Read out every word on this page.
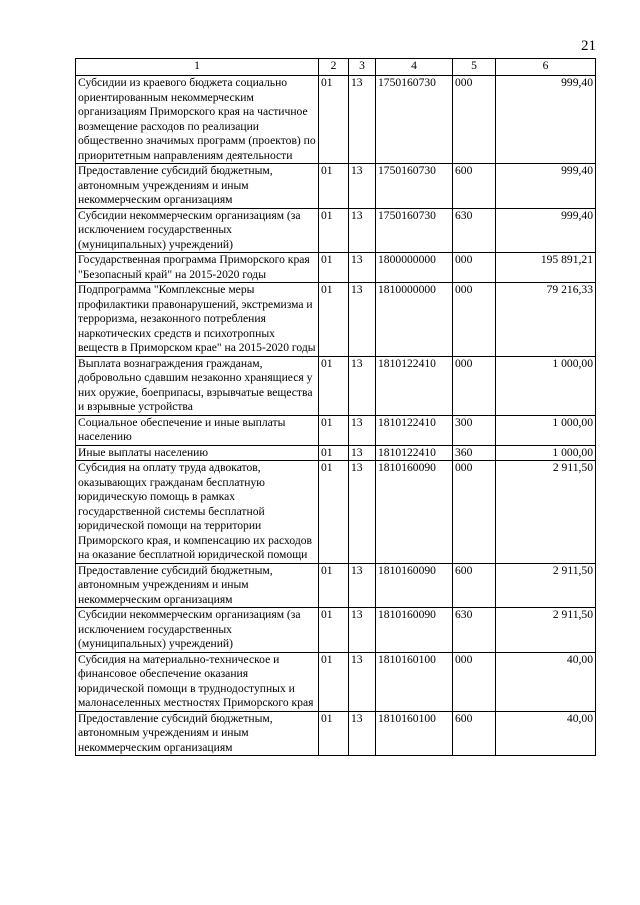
21
1	2	3	4	5	6
Субсидии из краевого бюджета социально ориентированным некоммерческим организациям Приморского края на частичное возмещение расходов по реализации общественно значимых программ (проектов) по приоритетным направлениям деятельности	01	13	1750160730	000	999,40
Предоставление субсидий бюджетным, автономным учреждениям и иным некоммерческим организациям	01	13	1750160730	600	999,40
Субсидии некоммерческим организациям (за исключением государственных (муниципальных) учреждений)	01	13	1750160730	630	999,40
Государственная программа Приморского края "Безопасный край" на 2015-2020 годы	01	13	1800000000	000	195 891,21
Подпрограмма "Комплексные меры профилактики правонарушений, экстремизма и терроризма, незаконного потребления наркотических средств и психотропных веществ в Приморском крае" на 2015-2020 годы	01	13	1810000000	000	79 216,33
Выплата вознаграждения гражданам, добровольно сдавшим незаконно хранящиеся у них оружие, боеприпасы, взрывчатые вещества и взрывные устройства	01	13	1810122410	000	1 000,00
Социальное обеспечение и иные выплаты населению	01	13	1810122410	300	1 000,00
Иные выплаты населению	01	13	1810122410	360	1 000,00
Субсидия на оплату труда адвокатов, оказывающих гражданам бесплатную юридическую помощь в рамках государственной системы бесплатной юридической помощи на территории Приморского края, и компенсацию их расходов на оказание бесплатной юридической помощи	01	13	1810160090	000	2 911,50
Предоставление субсидий бюджетным, автономным учреждениям и иным некоммерческим организациям	01	13	1810160090	600	2 911,50
Субсидии некоммерческим организациям (за исключением государственных (муниципальных) учреждений)	01	13	1810160090	630	2 911,50
Субсидия на материально-техническое и финансовое обеспечение оказания юридической помощи в труднодоступных и малонаселенных местностях Приморского края	01	13	1810160100	000	40,00
Предоставление субсидий бюджетным, автономным учреждениям и иным некоммерческим организациям	01	13	1810160100	600	40,00
